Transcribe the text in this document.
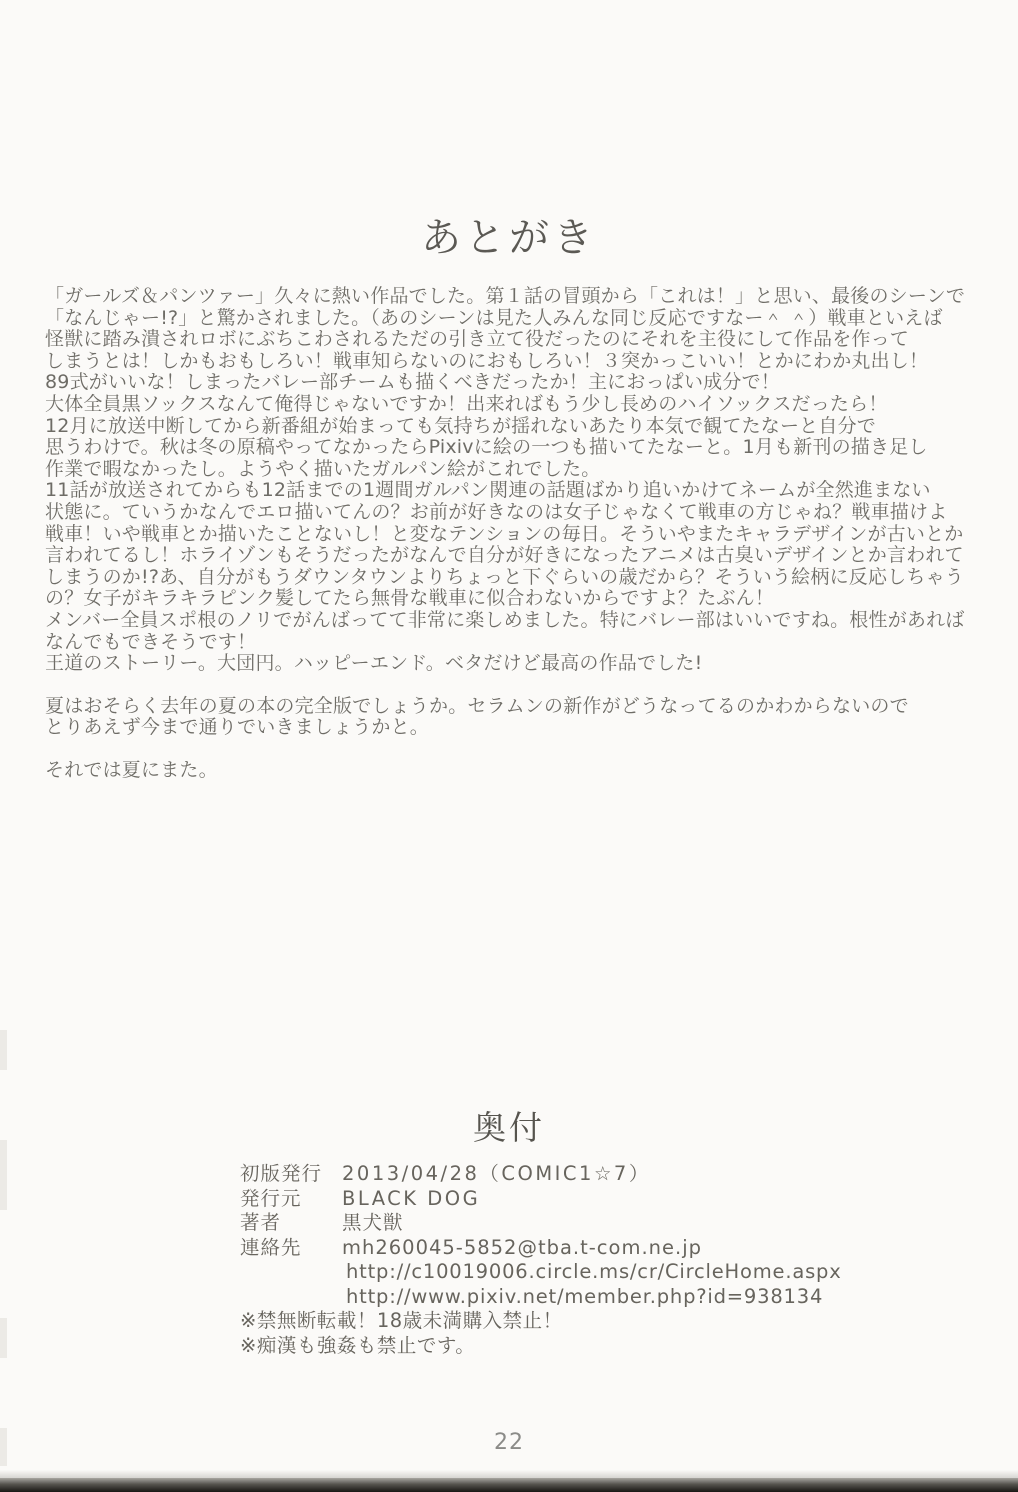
あとがき
「ガールズ＆パンツァー」久々に熱い作品でした。第１話の冒頭から「これは！」と思い、最後のシーンで
「なんじゃー!?」と驚かされました。（あのシーンは見た人みんな同じ反応ですなー＾ ＾）戦車といえば
怪獣に踏み潰されロボにぶちこわされるただの引き立て役だったのにそれを主役にして作品を作って
しまうとは！しかもおもしろい！戦車知らないのにおもしろい！３突かっこいい！とかにわか丸出し！
89式がいいな！しまったバレー部チームも描くべきだったか！主におっぱい成分で！
大体全員黒ソックスなんて俺得じゃないですか！出来ればもう少し長めのハイソックスだったら！
12月に放送中断してから新番組が始まっても気持ちが揺れないあたり本気で観てたなーと自分で
思うわけで。秋は冬の原稿やってなかったらPixivに絵の一つも描いてたなーと。1月も新刊の描き足し
作業で暇なかったし。ようやく描いたガルパン絵がこれでした。
11話が放送されてからも12話までの1週間ガルパン関連の話題ばかり追いかけてネームが全然進まない
状態に。ていうかなんでエロ描いてんの？お前が好きなのは女子じゃなくて戦車の方じゃね？戦車描けよ
戦車！いや戦車とか描いたことないし！と変なテンションの毎日。そういやまたキャラデザインが古いとか
言われてるし！ホライゾンもそうだったがなんで自分が好きになったアニメは古臭いデザインとか言われて
しまうのか!?あ、自分がもうダウンタウンよりちょっと下ぐらいの歳だから？そういう絵柄に反応しちゃう
の？女子がキラキラピンク髪してたら無骨な戦車に似合わないからですよ？たぶん！
メンバー全員スポ根のノリでがんばってて非常に楽しめました。特にバレー部はいいですね。根性があれば
なんでもできそうです！
王道のストーリー。大団円。ハッピーエンド。ベタだけど最高の作品でした!
夏はおそらく去年の夏の本の完全版でしょうか。セラムンの新作がどうなってるのかわからないので
とりあえず今まで通りでいきましょうかと。
それでは夏にまた。
奥付
初版発行 2013/04/28（COMIC1☆7）
発行元 BLACK DOG
著者	黒犬獣
連絡先 mh260045-5852@tba.t-com.ne.jp
http://c10019006.circle.ms/cr/CircleHome.aspx
http://www.pixiv.net/member.php?id=938134
※禁無断転載！18歳未満購入禁止！
※痴漢も強姦も禁止です。
22
